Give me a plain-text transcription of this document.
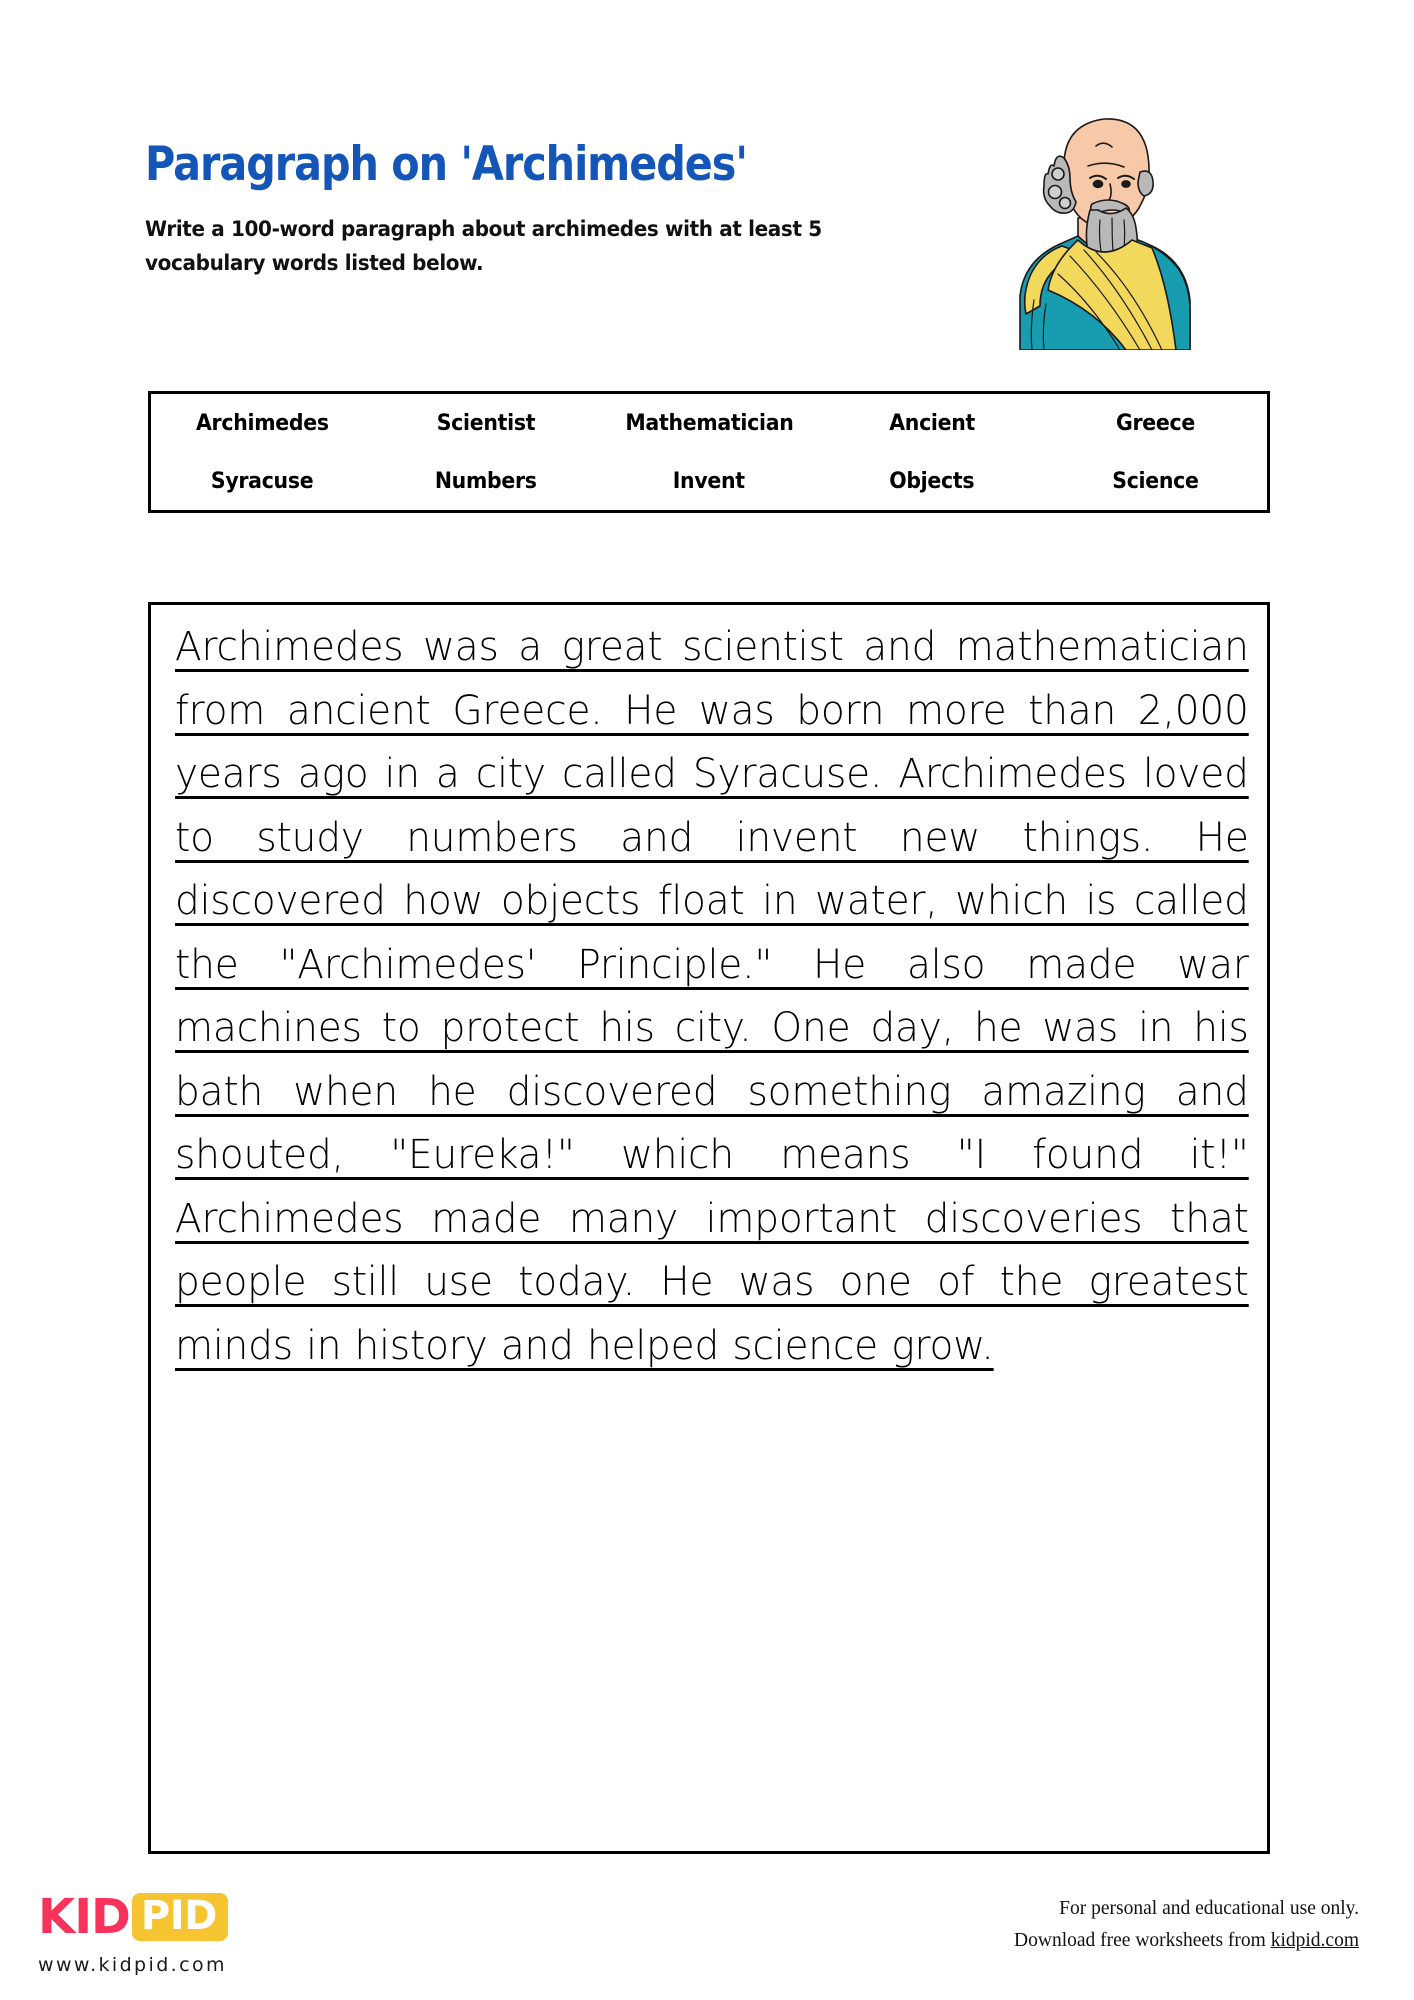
Paragraph on 'Archimedes'
Write a 100-word paragraph about archimedes with at least 5 vocabulary words listed below.
Archimedes	Scientist	Mathematician	Ancient	Greece
Syracuse	Numbers	Invent	Objects	Science
Archimedes was a great scientist and mathematician from ancient Greece. He was born more than 2,000 years ago in a city called Syracuse. Archimedes loved to study numbers and invent new things. He discovered how objects float in water, which is called the "Archimedes' Principle." He also made war machines to protect his city. One day, he was in his bath when he discovered something amazing and shouted, "Eureka!" which means "I found it!" Archimedes made many important discoveries that people still use today. He was one of the greatest minds in history and helped science grow.
KID PID
www.kidpid.com
For personal and educational use only.
Download free worksheets from kidpid.com
